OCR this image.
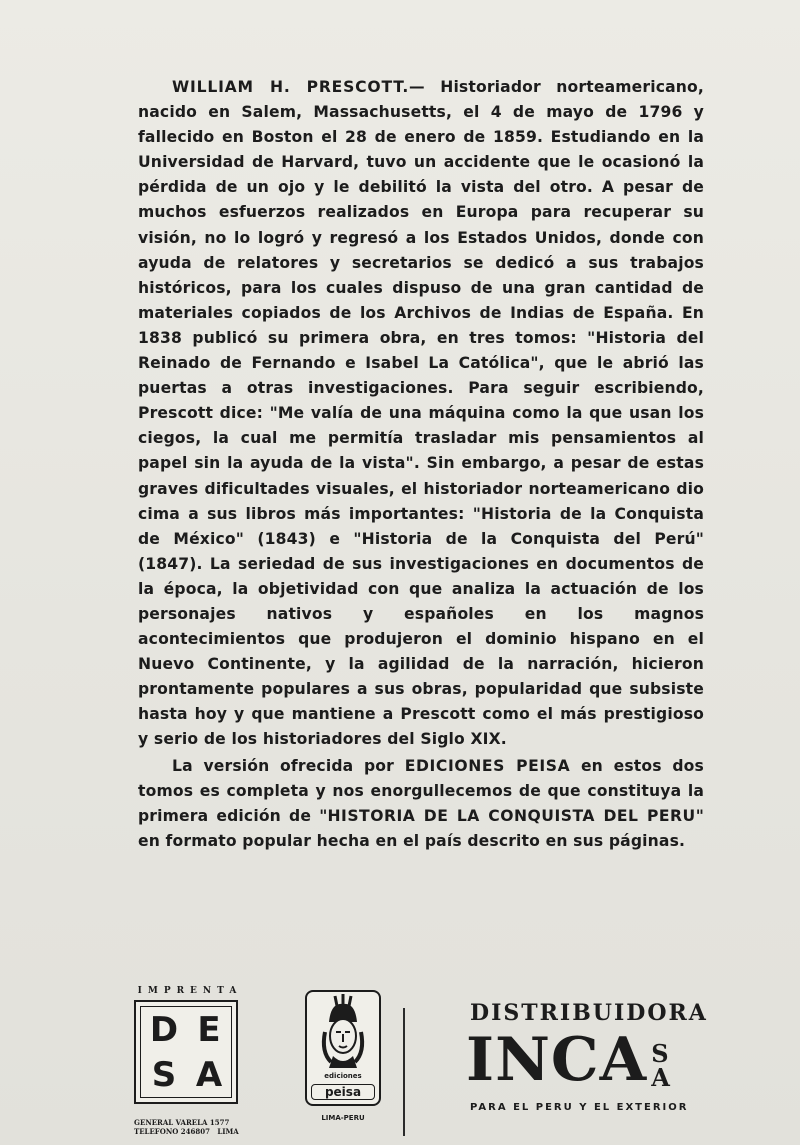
WILLIAM H. PRESCOTT.— Historiador norteamericano, nacido en Salem, Massachusetts, el 4 de mayo de 1796 y fallecido en Boston el 28 de enero de 1859. Estudiando en la Universidad de Harvard, tuvo un accidente que le ocasionó la pérdida de un ojo y le debilitó la vista del otro. A pesar de muchos esfuerzos realizados en Europa para recuperar su visión, no lo logró y regresó a los Estados Unidos, donde con ayuda de relatores y secretarios se dedicó a sus trabajos históricos, para los cuales dispuso de una gran cantidad de materiales copiados de los Archivos de Indias de España. En 1838 publicó su primera obra, en tres tomos: "Historia del Reinado de Fernando e Isabel La Católica", que le abrió las puertas a otras investigaciones. Para seguir escribiendo, Prescott dice: "Me valía de una máquina como la que usan los ciegos, la cual me permitía trasladar mis pensamientos al papel sin la ayuda de la vista". Sin embargo, a pesar de estas graves dificultades visuales, el historiador norteamericano dio cima a sus libros más importantes: "Historia de la Conquista de México" (1843) e "Historia de la Conquista del Perú" (1847). La seriedad de sus investigaciones en documentos de la época, la objetividad con que analiza la actuación de los personajes nativos y españoles en los magnos acontecimientos que produjeron el dominio hispano en el Nuevo Continente, y la agilidad de la narración, hicieron prontamente populares a sus obras, popularidad que subsiste hasta hoy y que mantiene a Prescott como el más prestigioso y serio de los historiadores del Siglo XIX.

La versión ofrecida por EDICIONES PEISA en estos dos tomos es completa y nos enorgullecemos de que constituya la primera edición de "HISTORIA DE LA CONQUISTA DEL PERU" en formato popular hecha en el país descrito en sus páginas.

IMPRENTA
D E
S A
GENERAL VARELA 1577
TELEFONO 246807   LIMA
ediciones
peisa
LIMA-PERU
DISTRIBUIDORA
INCA S
A
PARA EL PERU Y EL EXTERIOR
